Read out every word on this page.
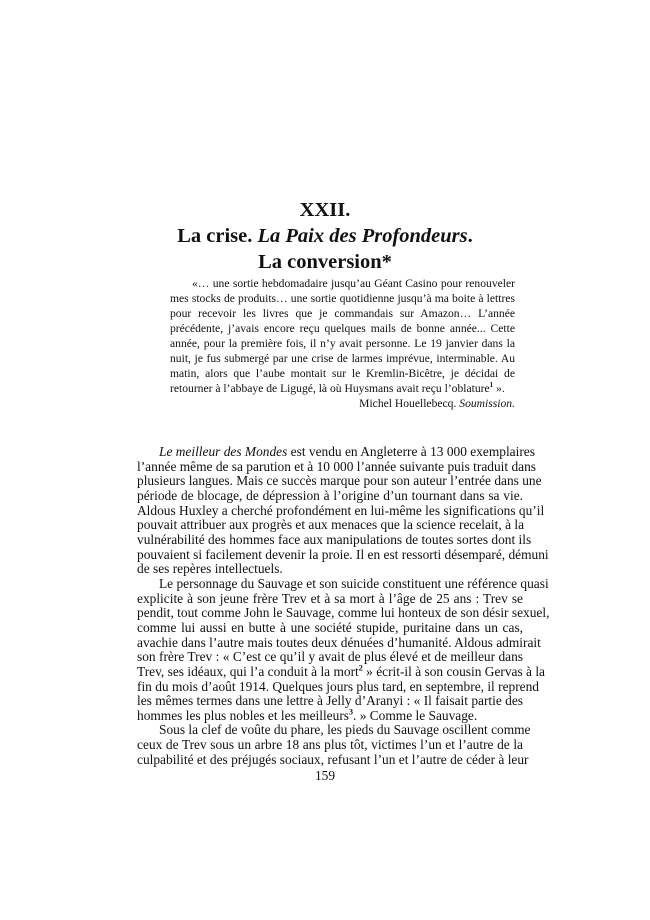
XXII.
La crise. La Paix des Profondeurs.
La conversion*
«… une sortie hebdomadaire jusqu’au Géant Casino pour renouveler
mes stocks de produits… une sortie quotidienne jusqu’à ma boite à lettres
pour recevoir les livres que je commandais sur Amazon… L’année
précédente, j’avais encore reçu quelques mails de bonne année... Cette
année, pour la première fois, il n’y avait personne. Le 19 janvier dans la
nuit, je fus submergé par une crise de larmes imprévue, interminable. Au
matin, alors que l’aube montait sur le Kremlin-Bicêtre, je décidai de
retourner à l’abbaye de Ligugé, là où Huysmans avait reçu l’oblature$^1$ ».
Michel Houellebecq. Soumission.
Le meilleur des Mondes est vendu en Angleterre à 13 000 exemplaires
l’année même de sa parution et à 10 000 l’année suivante puis traduit dans
plusieurs langues. Mais ce succès marque pour son auteur l’entrée dans une
période de blocage, de dépression à l’origine d’un tournant dans sa vie.
Aldous Huxley a cherché profondément en lui-même les significations qu’il
pouvait attribuer aux progrès et aux menaces que la science recelait, à la
vulnérabilité des hommes face aux manipulations de toutes sortes dont ils
pouvaient si facilement devenir la proie. Il en est ressorti désemparé, démuni
de ses repères intellectuels.
Le personnage du Sauvage et son suicide constituent une référence quasi
explicite à son jeune frère Trev et à sa mort à l’âge de 25 ans : Trev se
pendit, tout comme John le Sauvage, comme lui honteux de son désir sexuel,
comme lui aussi en butte à une société stupide, puritaine dans un cas,
avachie dans l’autre mais toutes deux dénuées d’humanité. Aldous admirait
son frère Trev : « C’est ce qu’il y avait de plus élevé et de meilleur dans
Trev, ses idéaux, qui l’a conduit à la mort$^2$ » écrit-il à son cousin Gervas à la
fin du mois d’août 1914. Quelques jours plus tard, en septembre, il reprend
les mêmes termes dans une lettre à Jelly d’Aranyi : « Il faisait partie des
hommes les plus nobles et les meilleurs$^3$. » Comme le Sauvage.
Sous la clef de voûte du phare, les pieds du Sauvage oscillent comme
ceux de Trev sous un arbre 18 ans plus tôt, victimes l’un et l’autre de la
culpabilité et des préjugés sociaux, refusant l’un et l’autre de céder à leur
159
